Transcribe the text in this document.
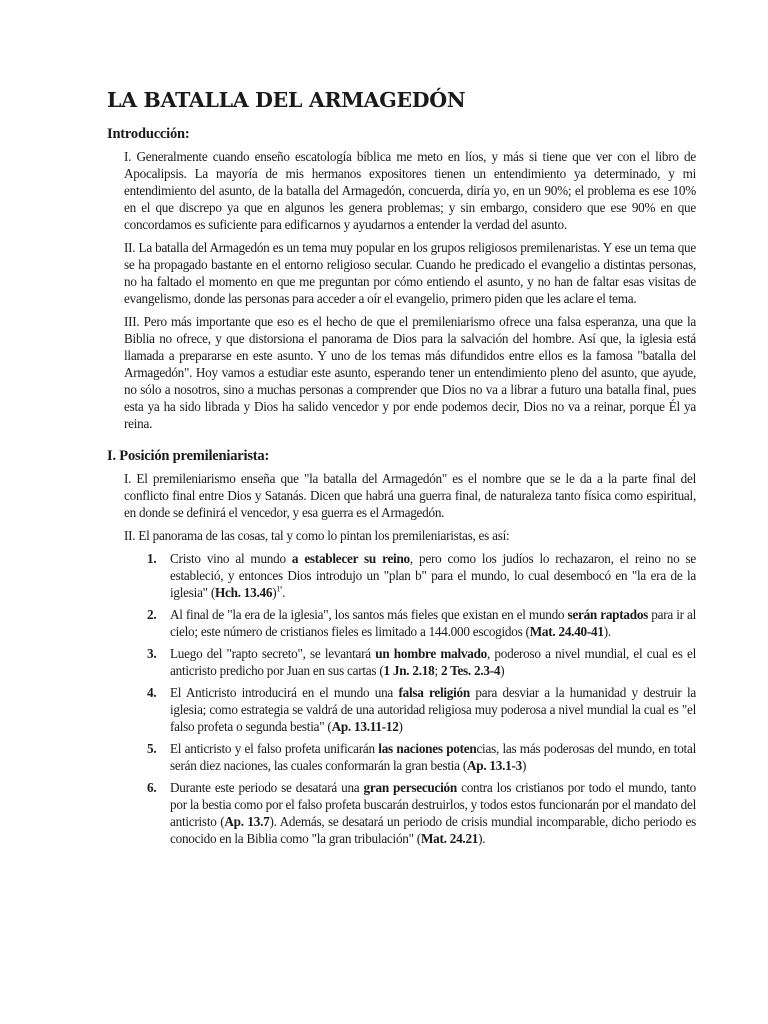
LA BATALLA DEL ARMAGEDÓN
Introducción:

I. Generalmente cuando enseño escatología bíblica me meto en líos, y más si tiene que ver con el libro de Apocalipsis. La mayoría de mis hermanos expositores tienen un entendimiento ya determinado, y mi entendimiento del asunto, de la batalla del Armagedón, concuerda, diría yo, en un 90%; el problema es ese 10% en el que discrepo ya que en algunos les genera problemas; y sin embargo, considero que ese 90% en que concordamos es suficiente para edificarnos y ayudarnos a entender la verdad del asunto.

II. La batalla del Armagedón es un tema muy popular en los grupos religiosos premilenaristas. Y ese un tema que se ha propagado bastante en el entorno religioso secular. Cuando he predicado el evangelio a distintas personas, no ha faltado el momento en que me preguntan por cómo entiendo el asunto, y no han de faltar esas visitas de evangelismo, donde las personas para acceder a oír el evangelio, primero piden que les aclare el tema.

III. Pero más importante que eso es el hecho de que el premileniarismo ofrece una falsa esperanza, una que la Biblia no ofrece, y que distorsiona el panorama de Dios para la salvación del hombre. Así que, la iglesia está llamada a prepararse en este asunto. Y uno de los temas más difundidos entre ellos es la famosa "batalla del Armagedón". Hoy vamos a estudiar este asunto, esperando tener un entendimiento pleno del asunto, que ayude, no sólo a nosotros, sino a muchas personas a comprender que Dios no va a librar a futuro una batalla final, pues esta ya ha sido librada y Dios ha salido vencedor y por ende podemos decir, Dios no va a reinar, porque Él ya reina.

I. Posición premileniarista:

I. El premileniarismo enseña que "la batalla del Armagedón" es el nombre que se le da a la parte final del conflicto final entre Dios y Satanás. Dicen que habrá una guerra final, de naturaleza tanto física como espiritual, en donde se definirá el vencedor, y esa guerra es el Armagedón.

II. El panorama de las cosas, tal y como lo pintan los premileniaristas, es así:

1. Cristo vino al mundo a establecer su reino, pero como los judíos lo rechazaron, el reino no se estableció, y entonces Dios introdujo un "plan b" para el mundo, lo cual desembocó en "la era de la iglesia" (Hch. 13.46)$^{1ª}$.
2. Al final de "la era de la iglesia", los santos más fieles que existan en el mundo serán raptados para ir al cielo; este número de cristianos fieles es limitado a 144.000 escogidos (Mat. 24.40-41).
3. Luego del "rapto secreto", se levantará un hombre malvado, poderoso a nivel mundial, el cual es el anticristo predicho por Juan en sus cartas (1 Jn. 2.18; 2 Tes. 2.3-4)
4. El Anticristo introducirá en el mundo una falsa religión para desviar a la humanidad y destruir la iglesia; como estrategia se valdrá de una autoridad religiosa muy poderosa a nivel mundial la cual es "el falso profeta o segunda bestia" (Ap. 13.11-12)
5. El anticristo y el falso profeta unificarán las naciones potencias, las más poderosas del mundo, en total serán diez naciones, las cuales conformarán la gran bestia (Ap. 13.1-3)
6. Durante este periodo se desatará una gran persecución contra los cristianos por todo el mundo, tanto por la bestia como por el falso profeta buscarán destruirlos, y todos estos funcionarán por el mandato del anticristo (Ap. 13.7). Además, se desatará un periodo de crisis mundial incomparable, dicho periodo es conocido en la Biblia como "la gran tribulación" (Mat. 24.21).
